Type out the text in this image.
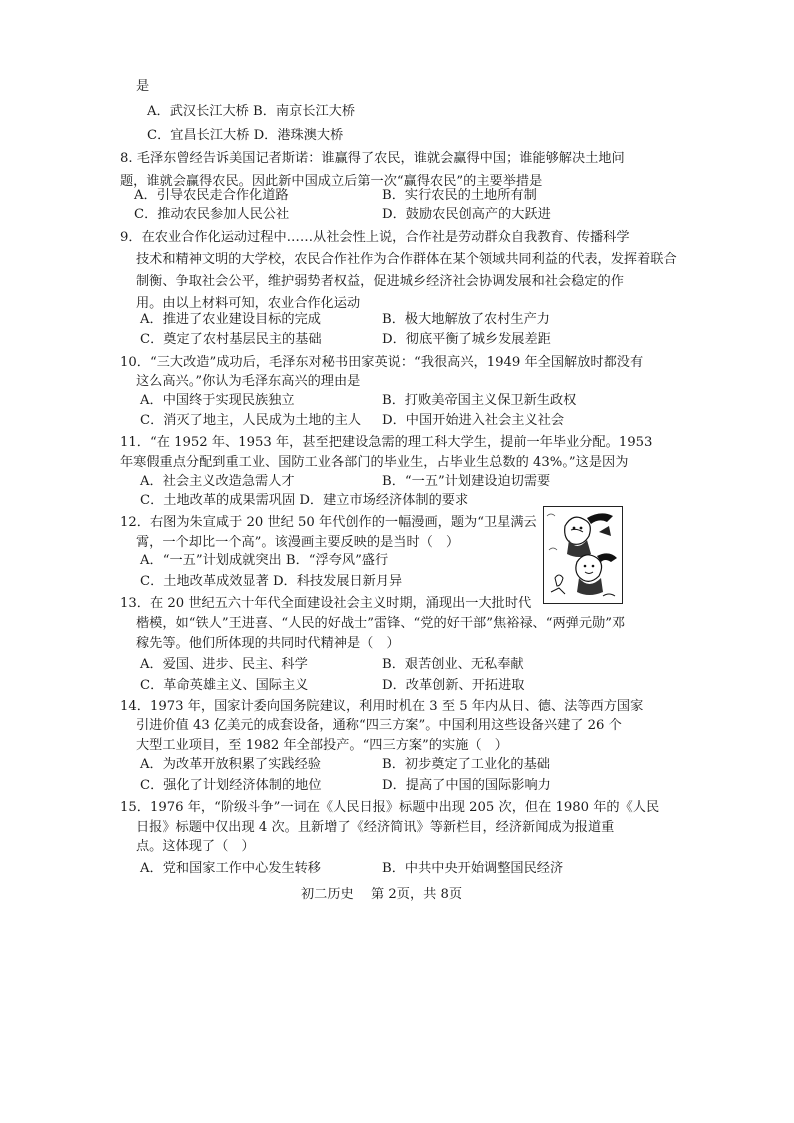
是
A．武汉长江大桥 B．南京长江大桥
C．宜昌长江大桥 D．港珠澳大桥
8. 毛泽东曾经告诉美国记者斯诺：谁赢得了农民，谁就会赢得中国；谁能够解决土地问
题，谁就会赢得农民。因此新中国成立后第一次“赢得农民”的主要举措是
A．引导农民走合作化道路	B．实行农民的土地所有制
C．推动农民参加人民公社	D．鼓励农民创高产的大跃进
9．在农业合作化运动过程中……从社会性上说，合作社是劳动群众自我教育、传播科学
技术和精神文明的大学校，农民合作社作为合作群体在某个领域共同利益的代表，发挥着联合
制衡、争取社会公平，维护弱势者权益，促进城乡经济社会协调发展和社会稳定的作
用。由以上材料可知，农业合作化运动
A．推进了农业建设目标的完成	B．极大地解放了农村生产力
C．奠定了农村基层民主的基础	D．彻底平衡了城乡发展差距
10．“三大改造”成功后，毛泽东对秘书田家英说：“我很高兴，1949 年全国解放时都没有
这么高兴。”你认为毛泽东高兴的理由是
A．中国终于实现民族独立	B．打败美帝国主义保卫新生政权
C．消灭了地主，人民成为土地的主人 D．中国开始进入社会主义社会
11．“在 1952 年、1953 年，甚至把建设急需的理工科大学生，提前一年毕业分配。1953
年寒假重点分配到重工业、国防工业各部门的毕业生，占毕业生总数的 43%。”这是因为
A．社会主义改造急需人才	B．“一五”计划建设迫切需要
C．土地改革的成果需巩固 D．建立市场经济体制的要求
12．右图为朱宣咸于 20 世纪 50 年代创作的一幅漫画，题为“卫星满云
霄，一个却比一个高”。该漫画主要反映的是当时（　）
A．“一五”计划成就突出 B．“浮夸风”盛行
C．土地改革成效显著 D．科技发展日新月异
13．在 20 世纪五六十年代全面建设社会主义时期，涌现出一大批时代
楷模，如“铁人”王进喜、“人民的好战士”雷锋、“党的好干部”焦裕禄、“两弹元勋”邓
稼先等。他们所体现的共同时代精神是（　）
A．爱国、进步、民主、科学	B．艰苦创业、无私奉献
C．革命英雄主义、国际主义	D．改革创新、开拓进取
14．1973 年，国家计委向国务院建议，利用时机在 3 至 5 年内从日、德、法等西方国家
引进价值 43 亿美元的成套设备，通称“四三方案”。中国利用这些设备兴建了 26 个
大型工业项目，至 1982 年全部投产。“四三方案”的实施（　）
A．为改革开放积累了实践经验	B．初步奠定了工业化的基础
C．强化了计划经济体制的地位	D．提高了中国的国际影响力
15．1976 年，“阶级斗争”一词在《人民日报》标题中出现 205 次，但在 1980 年的《人民
日报》标题中仅出现 4 次。且新增了《经济简讯》等新栏目，经济新闻成为报道重
点。这体现了（　）
A．党和国家工作中心发生转移	B．中共中央开始调整国民经济
初二历史 第 2页，共 8页
